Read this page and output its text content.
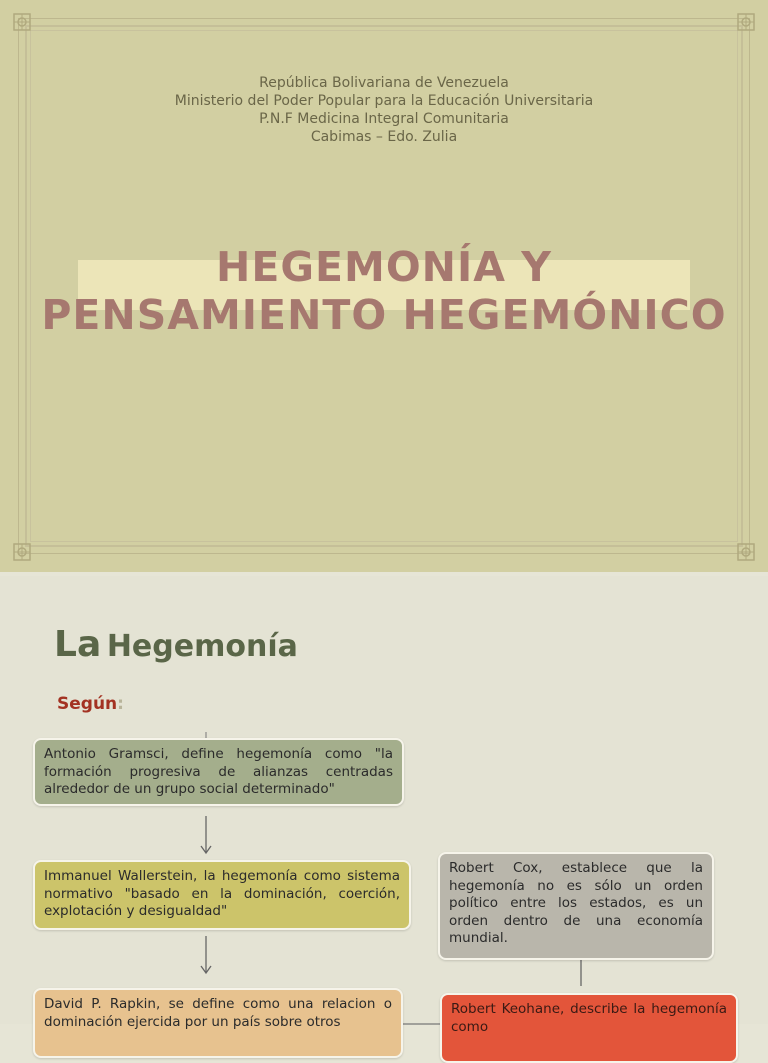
República Bolivariana de Venezuela
Ministerio del Poder Popular para la Educación Universitaria
P.N.F Medicina Integral Comunitaria
Cabimas – Edo. Zulia
HEGEMONÍA Y
PENSAMIENTO HEGEMÓNICO
La Hegemonía
Según:
Antonio Gramsci, define hegemonía como "la formación progresiva de alianzas centradas alrededor de un grupo social determinado"
Immanuel Wallerstein, la hegemonía como sistema normativo "basado en la dominación, coerción, explotación y desigualdad"
David P. Rapkin, se define como una relacion o dominación ejercida por un país sobre otros
Robert Cox, establece que la hegemonía no es sólo un orden político entre los estados, es un orden dentro de una economía mundial.
Robert Keohane, describe la hegemonía como
